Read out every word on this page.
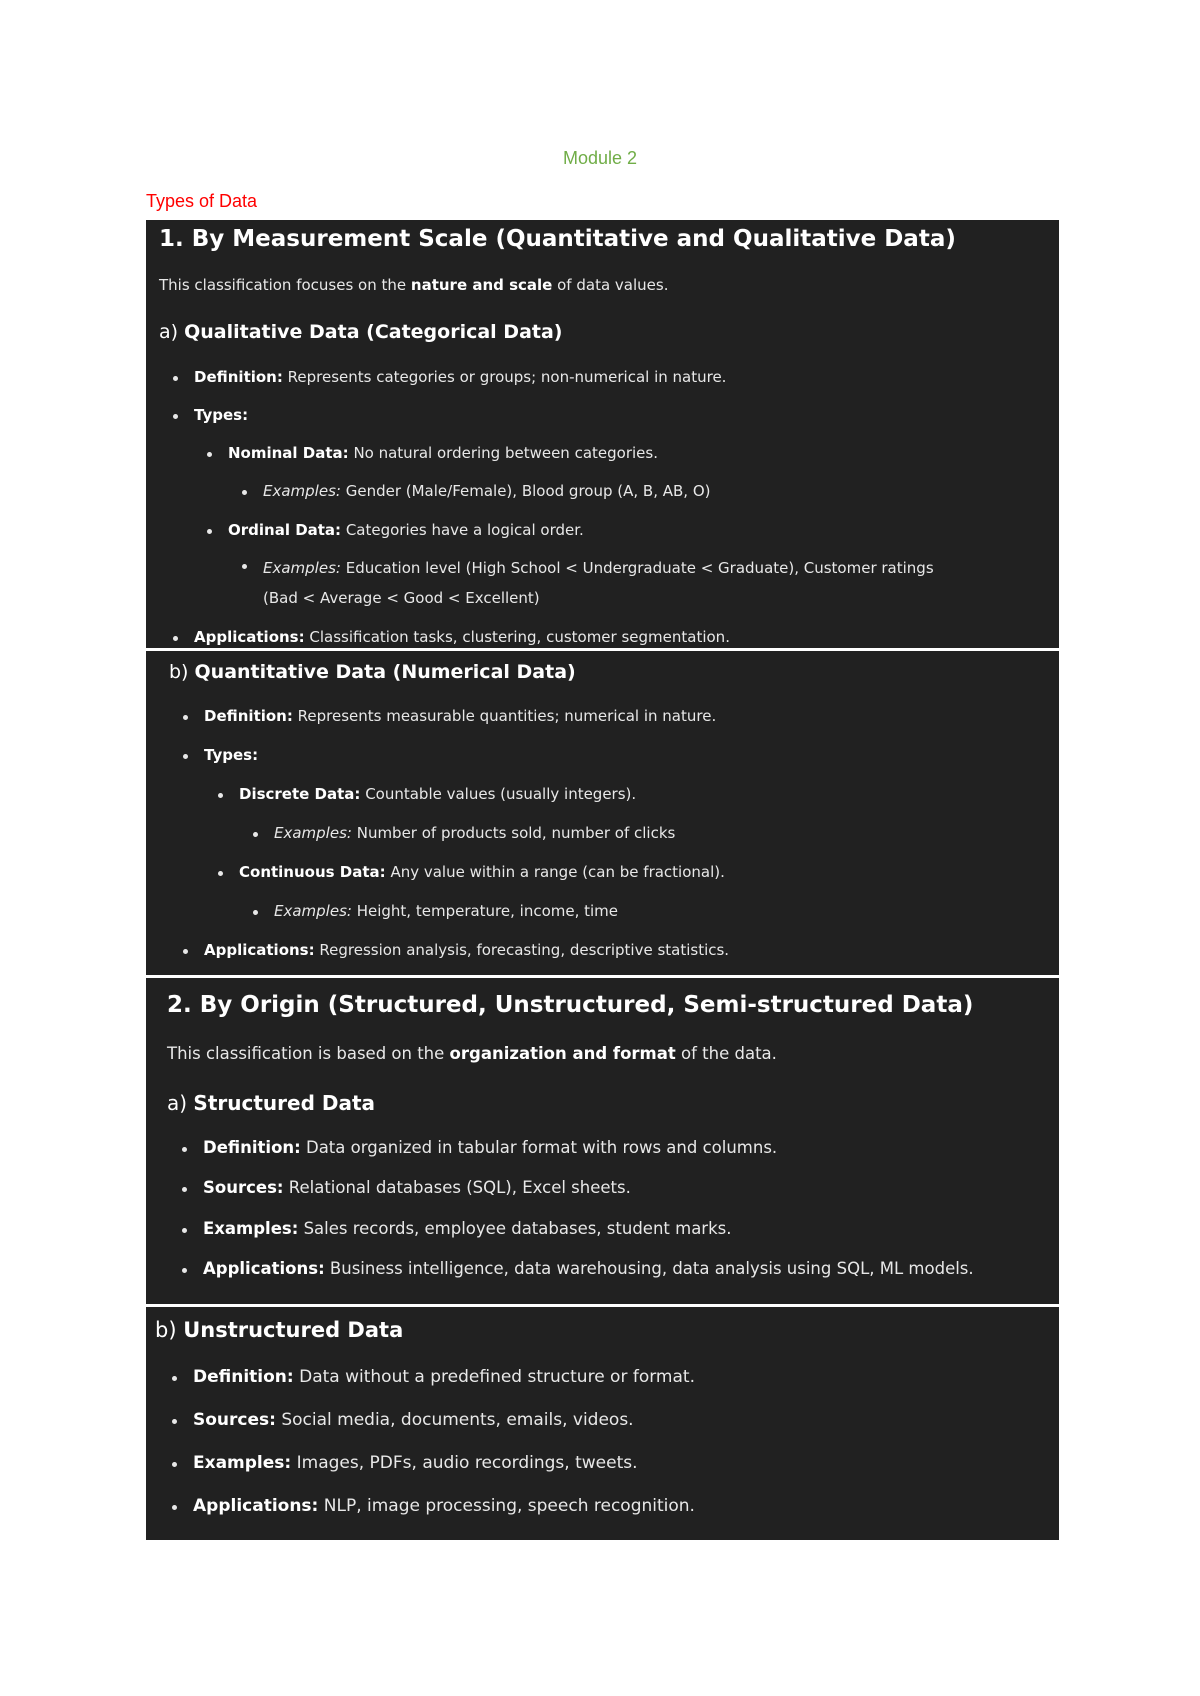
Module 2
Types of Data
1. By Measurement Scale (Quantitative and Qualitative Data)
This classification focuses on the nature and scale of data values.
a) Qualitative Data (Categorical Data)
Definition: Represents categories or groups; non-numerical in nature.
Types:
Nominal Data: No natural ordering between categories.
Examples: Gender (Male/Female), Blood group (A, B, AB, O)
Ordinal Data: Categories have a logical order.
Examples: Education level (High School < Undergraduate < Graduate), Customer ratings (Bad < Average < Good < Excellent)
Applications: Classification tasks, clustering, customer segmentation.
b) Quantitative Data (Numerical Data)
Definition: Represents measurable quantities; numerical in nature.
Types:
Discrete Data: Countable values (usually integers).
Examples: Number of products sold, number of clicks
Continuous Data: Any value within a range (can be fractional).
Examples: Height, temperature, income, time
Applications: Regression analysis, forecasting, descriptive statistics.
2. By Origin (Structured, Unstructured, Semi-structured Data)
This classification is based on the organization and format of the data.
a) Structured Data
Definition: Data organized in tabular format with rows and columns.
Sources: Relational databases (SQL), Excel sheets.
Examples: Sales records, employee databases, student marks.
Applications: Business intelligence, data warehousing, data analysis using SQL, ML models.
b) Unstructured Data
Definition: Data without a predefined structure or format.
Sources: Social media, documents, emails, videos.
Examples: Images, PDFs, audio recordings, tweets.
Applications: NLP, image processing, speech recognition.
